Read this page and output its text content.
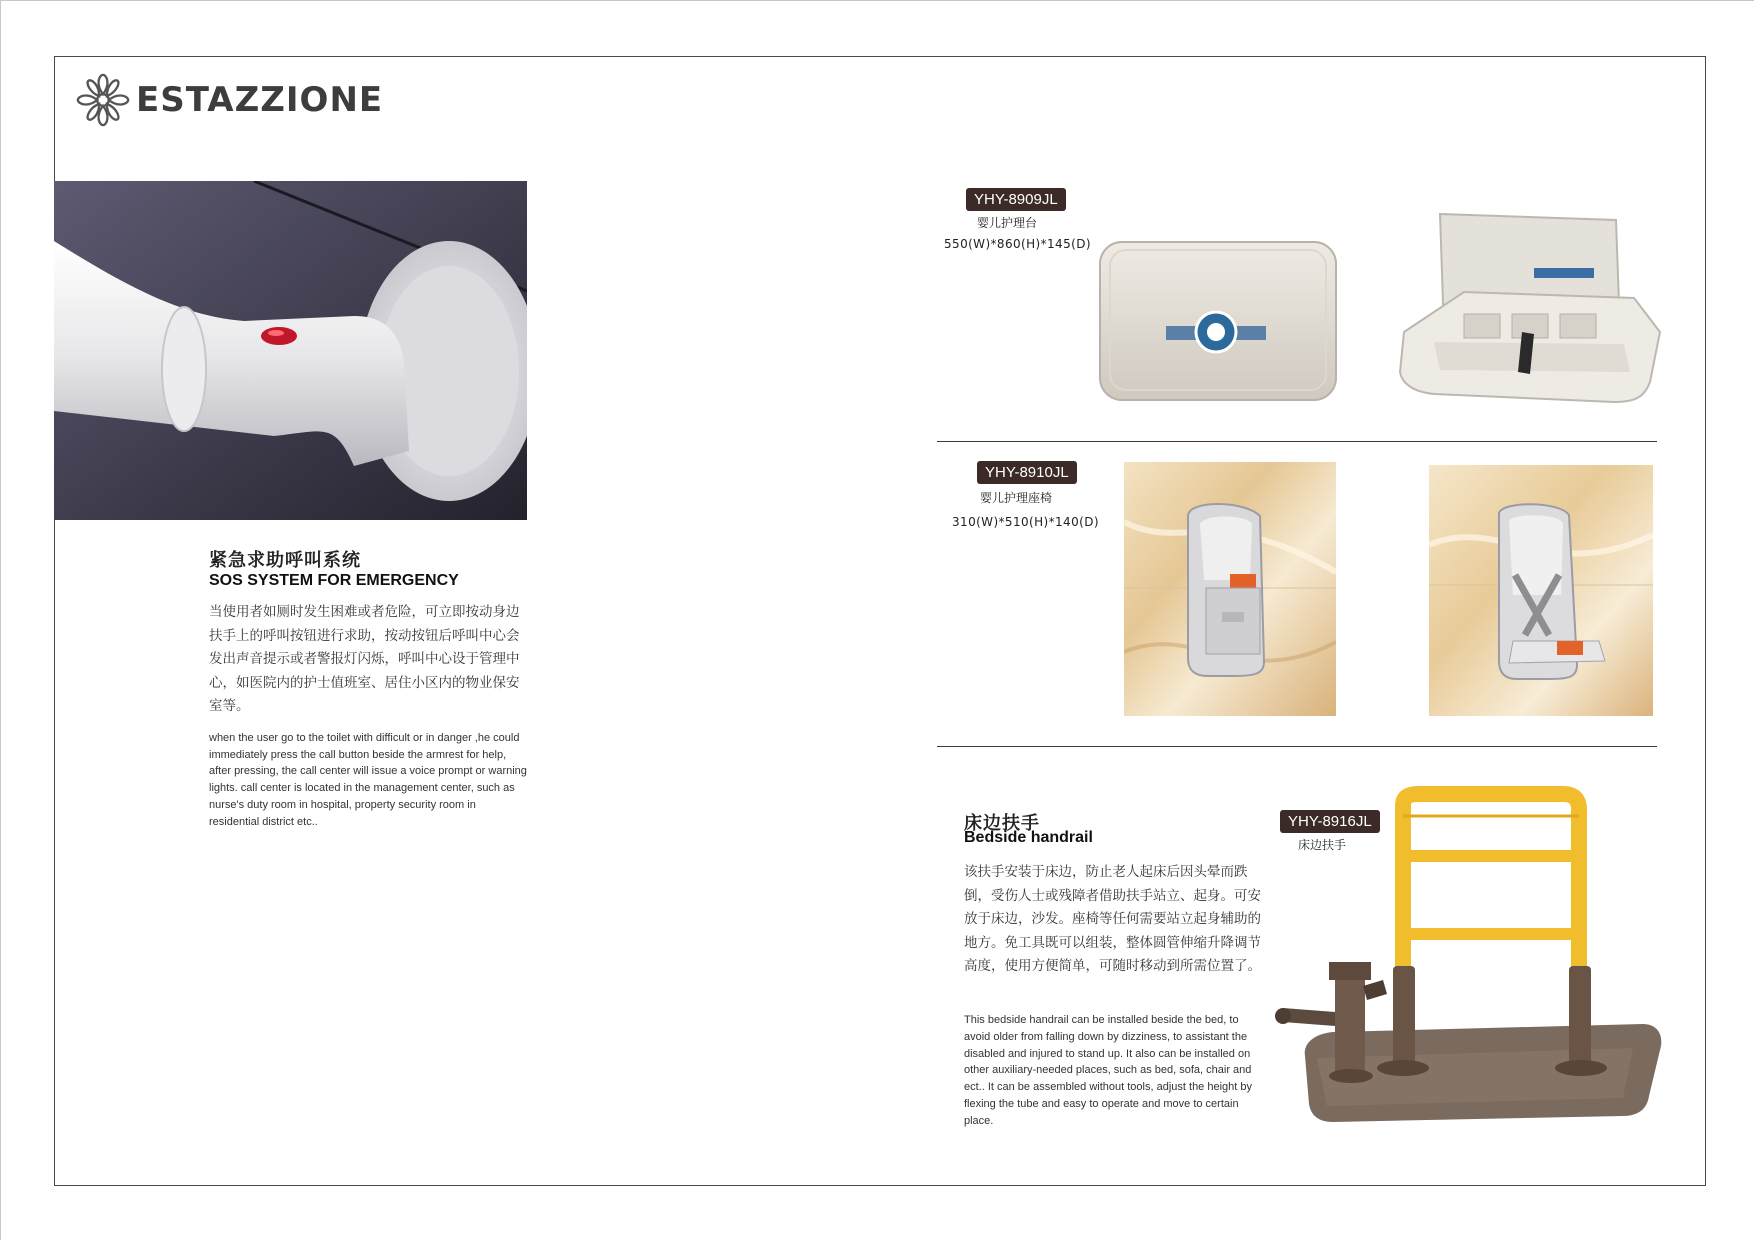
ESTAZZIONE
紧急求助呼叫系统
SOS SYSTEM FOR EMERGENCY
当使用者如厕时发生困难或者危险，可立即按动身边扶手上的呼叫按钮进行求助，按动按钮后呼叫中心会发出声音提示或者警报灯闪烁，呼叫中心设于管理中心，如医院内的护士值班室、居住小区内的物业保安室等。
when the user go to the toilet with difficult or in danger ,he could immediately press the call button beside the armrest for help, after pressing, the call center will issue a voice prompt or warning lights. call center is located in the management center, such as nurse's duty room in hospital, property security room in residential district etc..
YHY-8909JL
婴儿护理台
550(W)*860(H)*145(D)
YHY-8910JL
婴儿护理座椅
310(W)*510(H)*140(D)
床边扶手
Bedside handrail
该扶手安装于床边，防止老人起床后因头晕而跌倒，受伤人士或残障者借助扶手站立、起身。可安放于床边，沙发。座椅等任何需要站立起身辅助的地方。免工具既可以组装，整体圆管伸缩升降调节高度，使用方便简单，可随时移动到所需位置了。
This bedside handrail can be installed beside the bed, to avoid older from falling down by dizziness, to assistant the disabled and injured to stand up. It also can be installed on other auxiliary-needed places, such as bed, sofa, chair and ect.. It can be assembled without tools, adjust the height by flexing the tube and easy to operate and move to certain place.
YHY-8916JL
床边扶手
